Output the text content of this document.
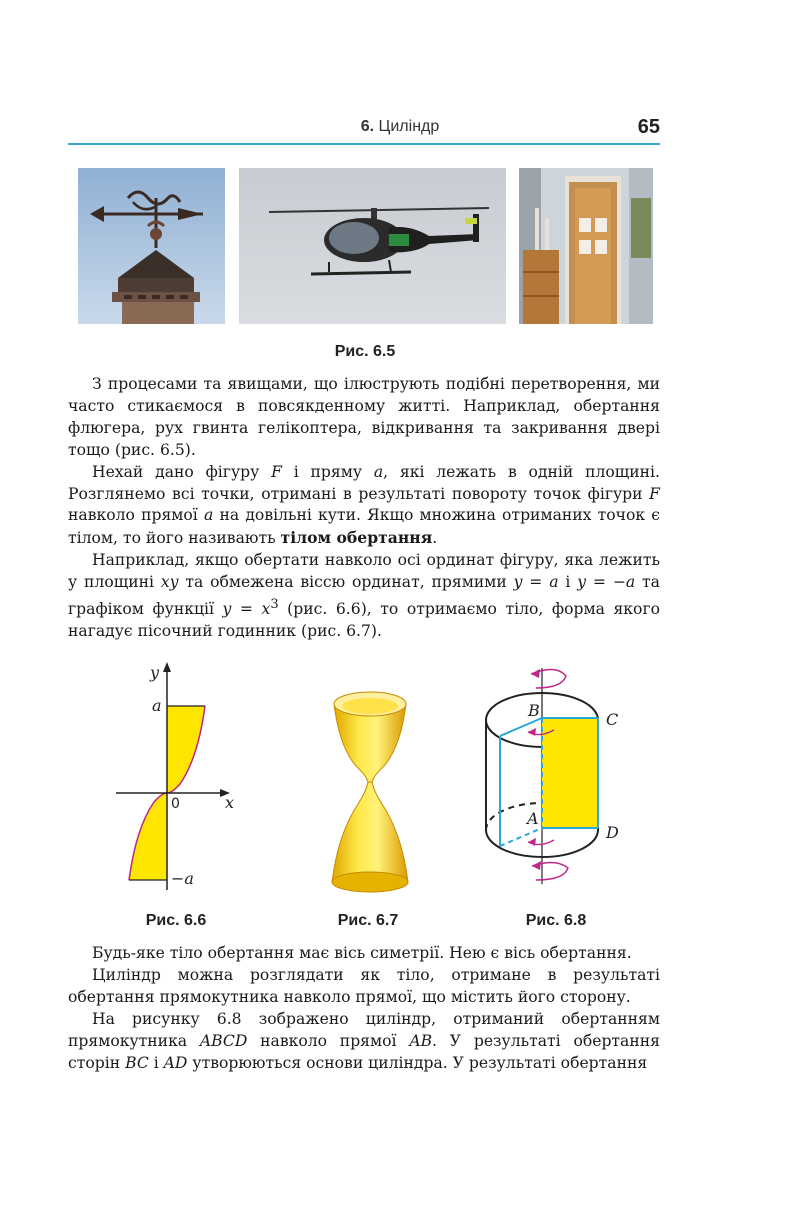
6. Циліндр	65
Рис. 6.5

З процесами та явищами, що ілюструють подібні перетворення, ми часто стикаємося в повсякденному житті. Наприклад, обертання флюгера, рух гвинта гелікоптера, відкривання та закривання двері тощо (рис. 6.5).

Нехай дано фігуру F і пряму a, які лежать в одній площині. Розглянемо всі точки, отримані в результаті повороту точок фігури F навколо прямої a на довільні кути. Якщо множина отриманих точок є тілом, то його називають тілом обертання.

Наприклад, якщо обертати навколо осі ординат фігуру, яка лежить у площині xy та обмежена віссю ординат, прямими y = a і y = −a та графіком функції $y = x^3$ (рис. 6.6), то отримаємо тіло, форма якого нагадує пісочний годинник (рис. 6.7).

y
x
0
a
−a
B	C
A
D
Рис. 6.6	Рис. 6.7	Рис. 6.8

Будь-яке тіло обертання має вісь симетрії. Нею є вісь обертання.

Циліндр можна розглядати як тіло, отримане в результаті обертання прямокутника навколо прямої, що містить його сторону.

На рисунку 6.8 зображено циліндр, отриманий обертанням прямокутника ABCD навколо прямої AB. У результаті обертання сторін BC і AD утворюються основи циліндра. У результаті обертання
